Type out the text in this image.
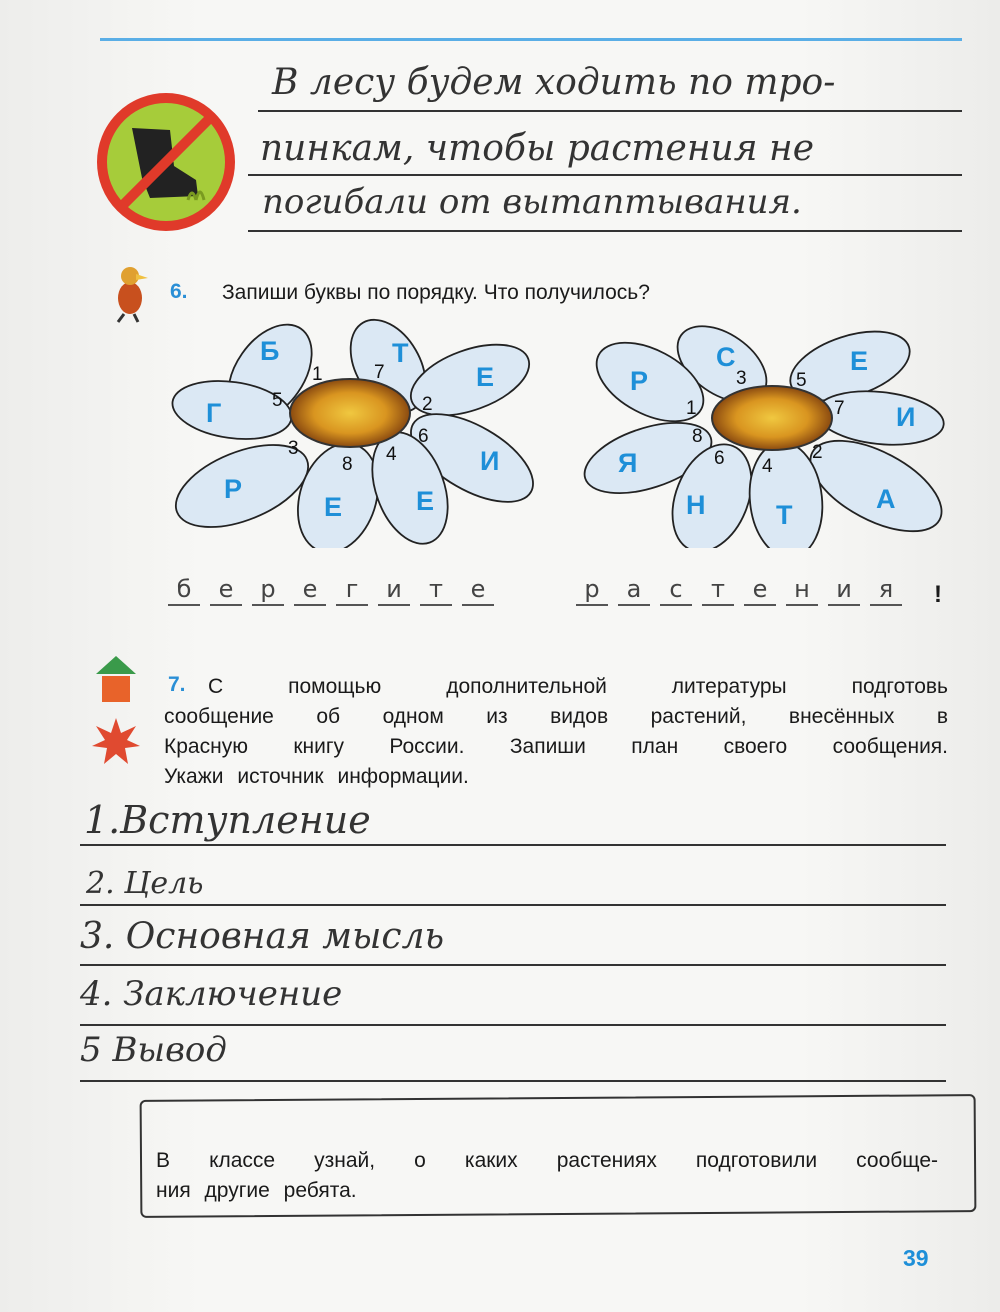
В лесу будем ходить по тро-
пинкам, чтобы растения не
погибали от вытаптывания.
6. Запиши буквы по порядку. Что получилось?
Б	Т
Е
Г
И
Р
Е	Е
1	7
5	2
3
6
8 4
С	Е
Р
И
Я
А
Н	Т
3	5
1	7
8
2
6 4
б	е	р	е	г	и	т	е	р	а	с	т	е	н	и	я	!
7.	С помощью дополнительной литературы подготовь
сообщение об одном из видов растений, внесённых в
Красную книгу России. Запиши план своего сообщения.
Укажи источник информации.
1.Вступление
2. Цель
3. Основная мысль
4. Заключение
5 Вывод
В классе узнай, о каких растениях подготовили сообще-
ния другие ребята.
39
